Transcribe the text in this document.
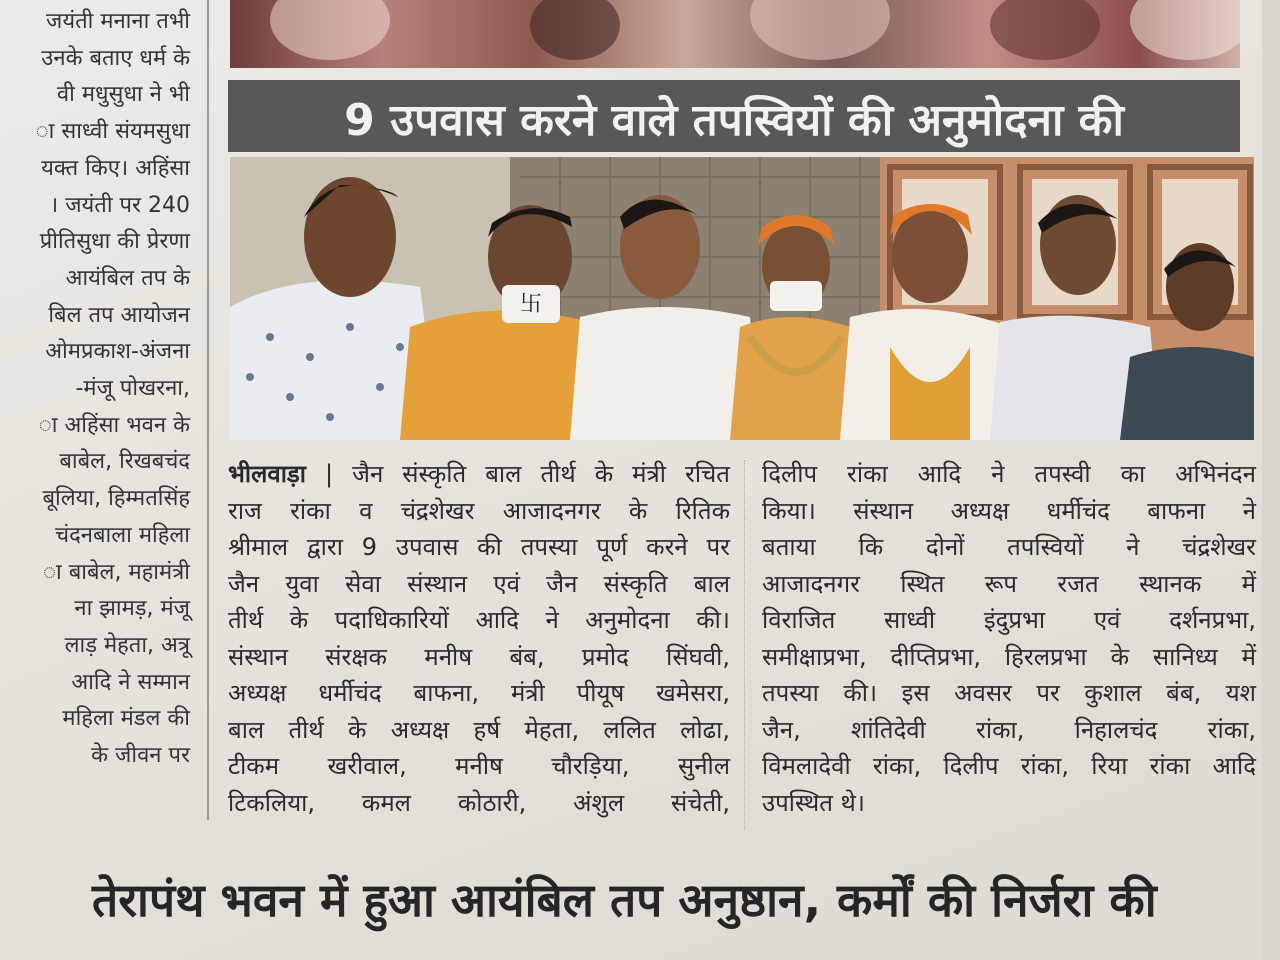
जयंती मनाना तभी
उनके बताए धर्म के
वी मधुसुधा ने भी
ा साध्वी संयमसुधा
यक्त किए। अहिंसा
। जयंती पर 240
प्रीतिसुधा की प्रेरणा
आयंबिल तप के
बिल तप आयोजन
ओमप्रकाश-अंजना
-मंजू पोखरना,
ा अहिंसा भवन के
बाबेल, रिखबचंद
बूलिया, हिम्मतसिंह
चंदनबाला महिला
ा बाबेल, महामंत्री
ना झामड़, मंजू
लाड़ मेहता, अत्रू
आदि ने सम्मान
महिला मंडल की
के जीवन पर
9 उपवास करने वाले तपस्वियों की अनुमोदना की
卐
भीलवाड़ा | जैन संस्कृति बाल तीर्थ के मंत्री रचित
राज रांका व चंद्रशेखर आजादनगर के रितिक
श्रीमाल द्वारा 9 उपवास की तपस्या पूर्ण करने पर
जैन युवा सेवा संस्थान एवं जैन संस्कृति बाल
तीर्थ के पदाधिकारियों आदि ने अनुमोदना की।
संस्थान संरक्षक मनीष बंब, प्रमोद सिंघवी,
अध्यक्ष धर्मीचंद बाफना, मंत्री पीयूष खमेसरा,
बाल तीर्थ के अध्यक्ष हर्ष मेहता, ललित लोढा,
टीकम खरीवाल, मनीष चौरड़िया, सुनील
टिकलिया, कमल कोठारी, अंशुल संचेती,
दिलीप रांका आदि ने तपस्वी का अभिनंदन
किया। संस्थान अध्यक्ष धर्मीचंद बाफना ने
बताया कि दोनों तपस्वियों ने चंद्रशेखर
आजादनगर स्थित रूप रजत स्थानक में
विराजित साध्वी इंदुप्रभा एवं दर्शनप्रभा,
समीक्षाप्रभा, दीप्तिप्रभा, हिरलप्रभा के सानिध्य में
तपस्या की। इस अवसर पर कुशाल बंब, यश
जैन, शांतिदेवी रांका, निहालचंद रांका,
विमलादेवी रांका, दिलीप रांका, रिया रांका आदि
उपस्थित थे।
तेरापंथ भवन में हुआ आयंबिल तप अनुष्ठान, कर्मों की निर्जरा की
